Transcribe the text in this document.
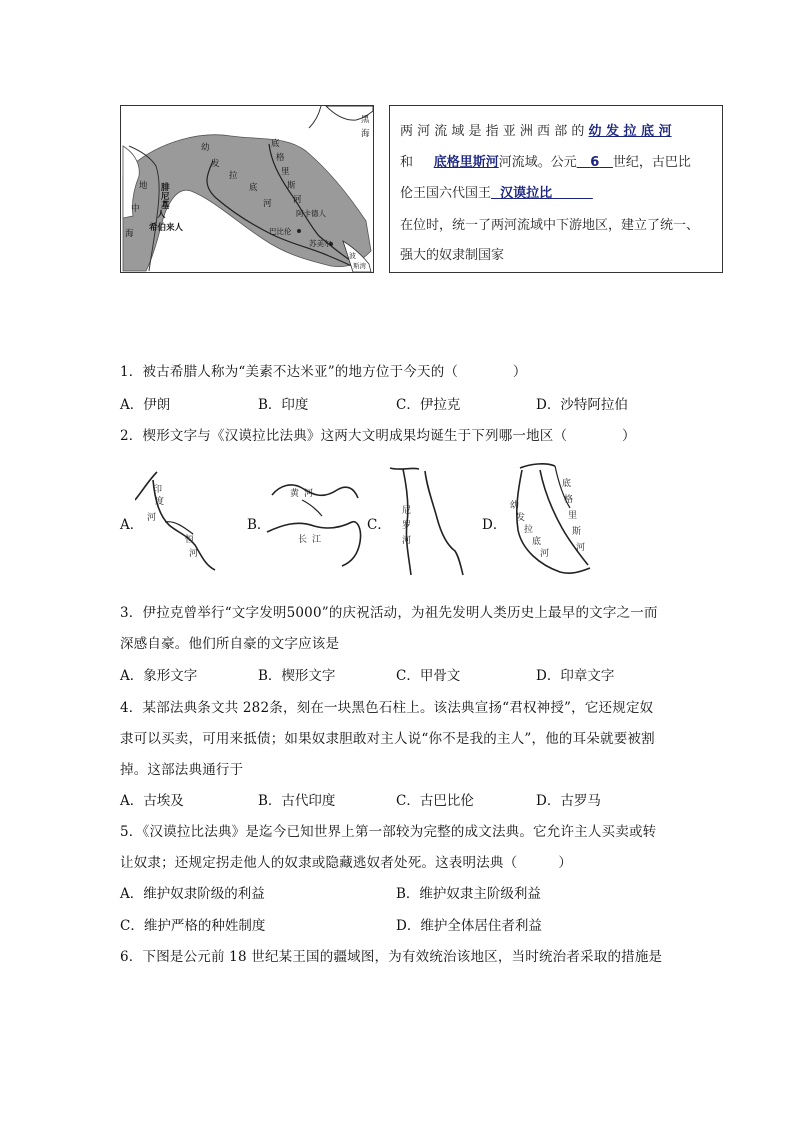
黑
海
地
中
海
腓
尼
基
人
希伯来人
幼
发
拉
底
底
格
里
斯
河
河
阿卡德人
巴比伦
苏美尔
波
斯湾
两 河 流 域 是 指 亚 洲 西 部 的 幼 发 拉 底 河
和 底格里斯河河流域。公元 6 世纪，古巴比
伦王国六代国王 汉谟拉比
在位时，统一了两河流域中下游地区，建立了统一、
强大的奴隶制国家
1．被古希腊人称为“美素不达米亚”的地方位于今天的（　　　　）
A．伊朗	B．印度	C．伊拉克	D．沙特阿拉伯
2．楔形文字与《汉谟拉比法典》这两大文明成果均诞生于下列哪一地区（　　　　）
A．
印
度
河
恒
河
B．
黄 河
长 江
C．
尼
罗
河
D．
幼
发
拉
底
河
底
格
里
斯
河
3．伊拉克曾举行“文字发明5000”的庆祝活动，为祖先发明人类历史上最早的文字之一而
深感自豪。他们所自豪的文字应该是
A．象形文字	B．楔形文字	C．甲骨文	D．印章文字
4．某部法典条文共 282条，刻在一块黑色石柱上。该法典宣扬“君权神授”，它还规定奴
隶可以买卖，可用来抵债；如果奴隶胆敢对主人说“你不是我的主人”，他的耳朵就要被割
掉。这部法典通行于
A．古埃及	B．古代印度	C．古巴比伦	D．古罗马
5．《汉谟拉比法典》是迄今已知世界上第一部较为完整的成文法典。它允许主人买卖或转
让奴隶；还规定拐走他人的奴隶或隐藏逃奴者处死。这表明法典（　　　）
A．维护奴隶阶级的利益	B．维护奴隶主阶级利益
C．维护严格的种姓制度	D．维护全体居住者利益
6．下图是公元前 18 世纪某王国的疆域图，为有效统治该地区，当时统治者采取的措施是
